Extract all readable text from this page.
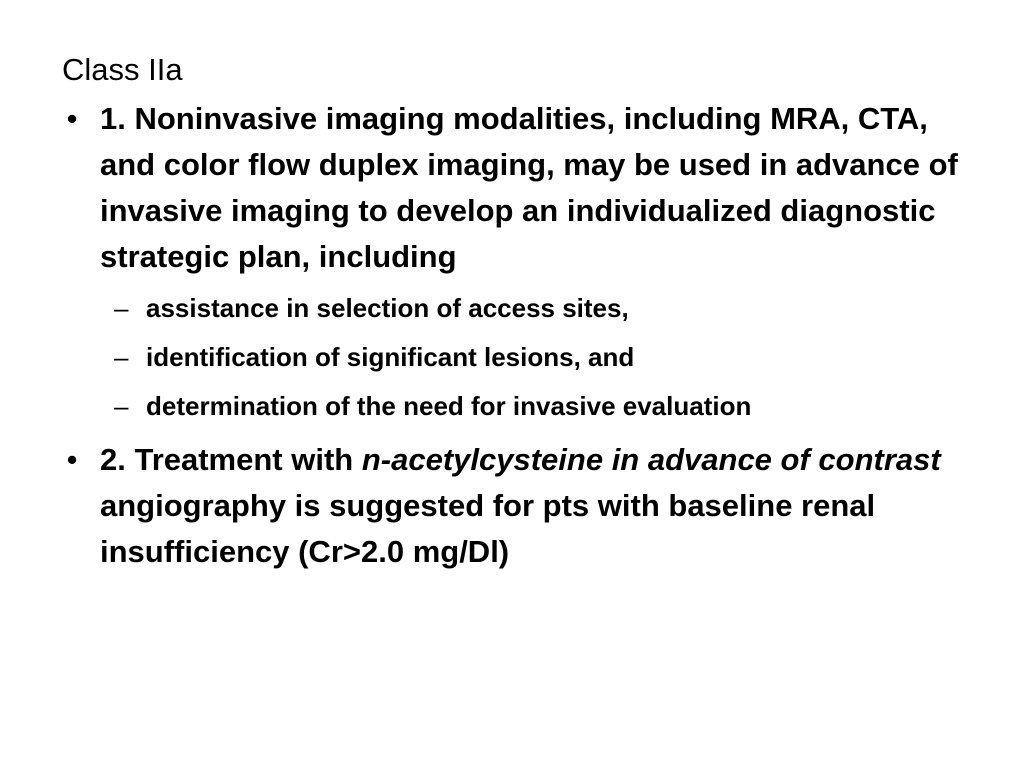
Class IIa
• 1. Noninvasive imaging modalities, including MRA, CTA, and color flow duplex imaging, may be used in advance of invasive imaging to develop an individualized diagnostic strategic plan, including
– assistance in selection of access sites,
– identification of significant lesions, and
– determination of the need for invasive evaluation
• 2. Treatment with n-acetylcysteine in advance of contrast angiography is suggested for pts with baseline renal insufficiency (Cr>2.0 mg/Dl)
